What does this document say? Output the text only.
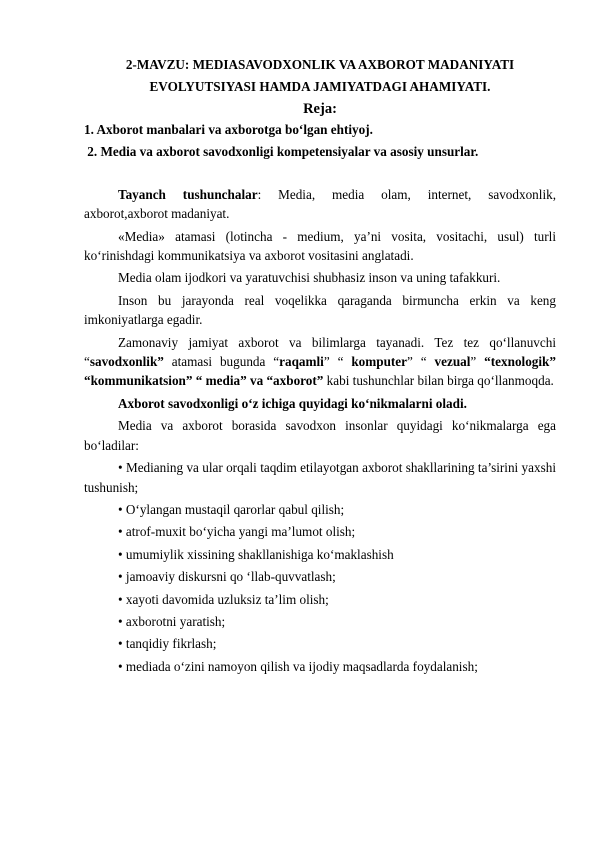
2-MAVZU: MEDIASAVODXONLIK VA AXBOROT MADANIYATI

EVOLYUTSIYASI HAMDA JAMIYATDAGI AHAMIYATI.

Reja:

1. Axborot manbalari va axborotga bo‘lgan ehtiyoj.

2. Media va axborot savodxonligi kompetensiyalar va asosiy unsurlar.

Tayanch tushunchalar: Media, media olam, internet, savodxonlik, axborot,axborot madaniyat.

«Media» atamasi (lotincha - medium, ya’ni vosita, vositachi, usul) turli ko‘rinishdagi kommunikatsiya va axborot vositasini anglatadi.

Media olam ijodkori va yaratuvchisi shubhasiz inson va uning tafakkuri.

Inson bu jarayonda real voqelikka qaraganda birmuncha erkin va keng imkoniyatlarga egadir.

Zamonaviy jamiyat axborot va bilimlarga tayanadi. Tez tez qo‘llanuvchi “savodxonlik” atamasi bugunda “raqamli” “ komputer” “ vezual” “texnologik” “kommunikatsion” “ media” va “axborot” kabi tushunchlar bilan birga qo‘llanmoqda.

Axborot savodxonligi o‘z ichiga quyidagi ko‘nikmalarni oladi.

Media va axborot borasida savodxon insonlar quyidagi ko‘nikmalarga ega bo‘ladilar:

• Medianing va ular orqali taqdim etilayotgan axborot shakllarining ta’sirini yaxshi tushunish;

• O‘ylangan mustaqil qarorlar qabul qilish;

• atrof-muxit bo‘yicha yangi ma’lumot olish;

• umumiylik xissining shakllanishiga ko‘maklashish

• jamoaviy diskursni qo ‘llab-quvvatlash;

• xayoti davomida uzluksiz ta’lim olish;

• axborotni yaratish;

• tanqidiy fikrlash;

• mediada o‘zini namoyon qilish va ijodiy maqsadlarda foydalanish;
